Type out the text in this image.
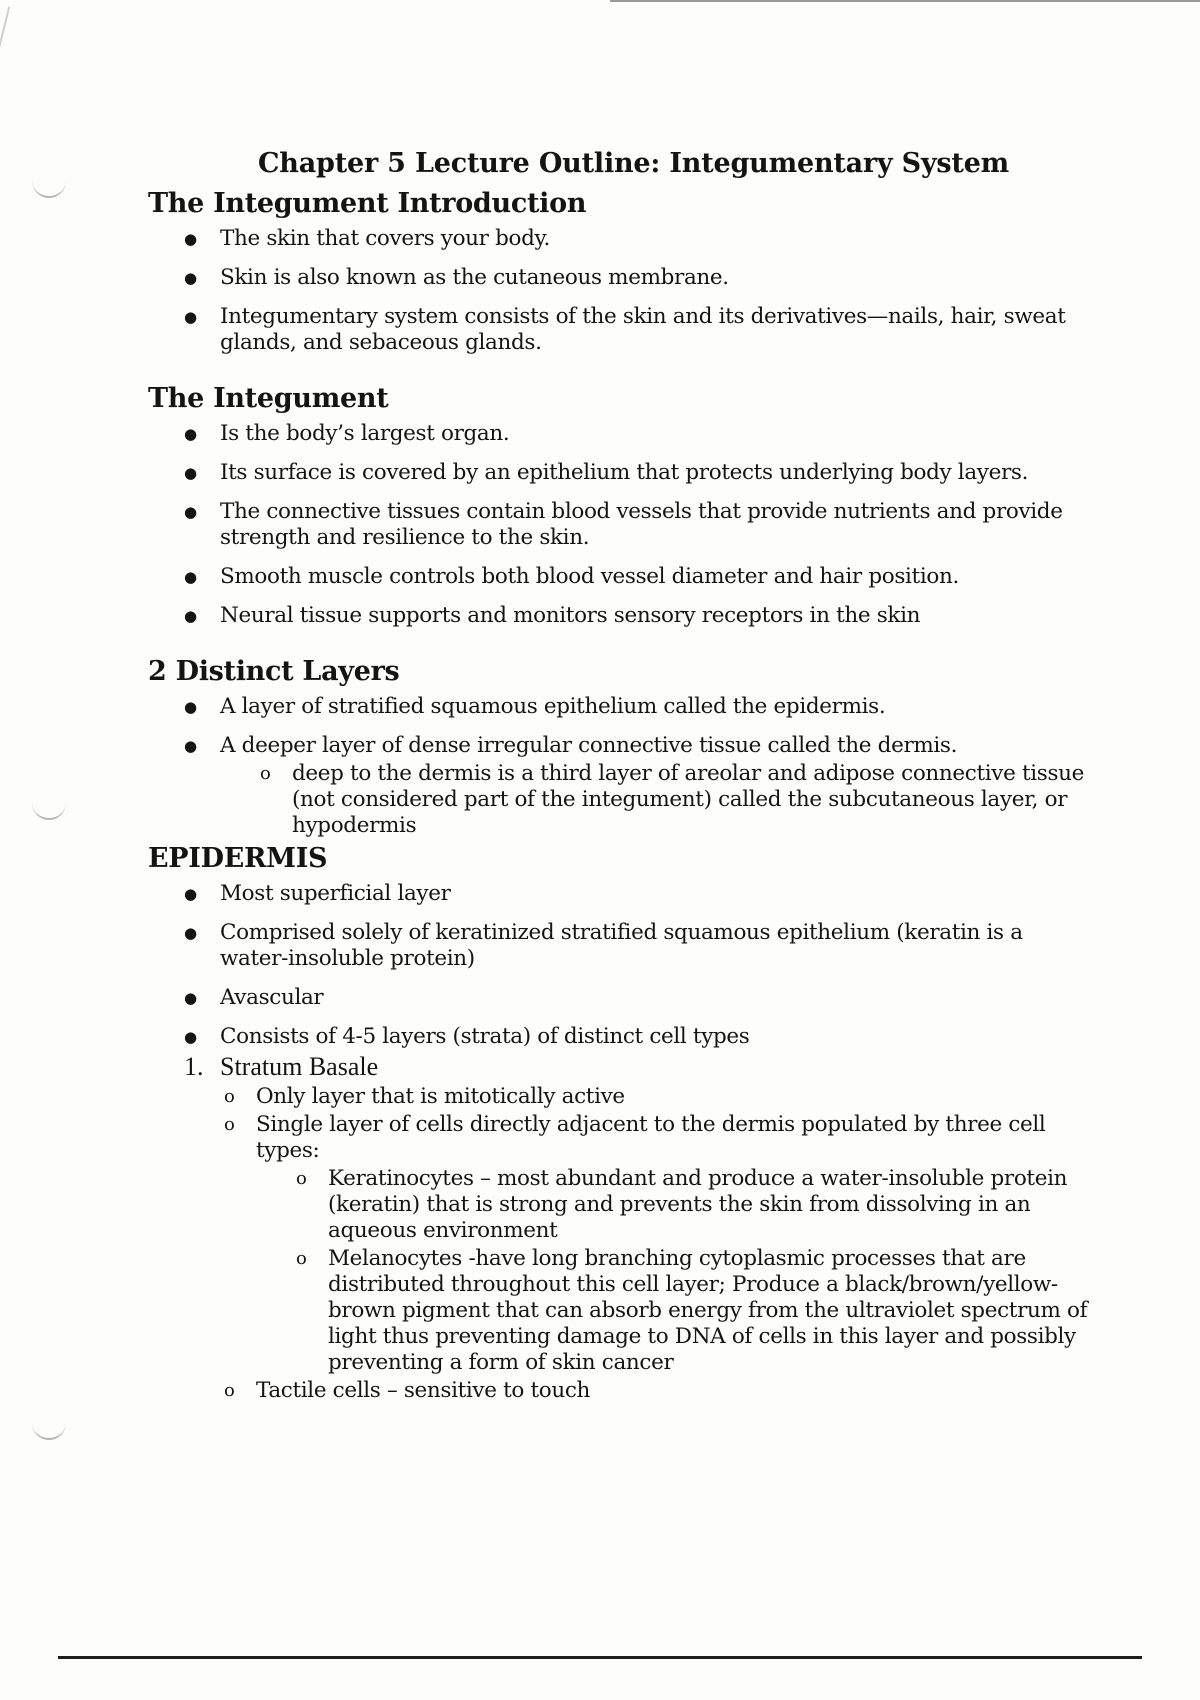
Chapter 5 Lecture Outline: Integumentary System
The Integument Introduction
● The skin that covers your body.
● Skin is also known as the cutaneous membrane.
● Integumentary system consists of the skin and its derivatives—nails, hair, sweat glands, and sebaceous glands.
The Integument
● Is the body’s largest organ.
● Its surface is covered by an epithelium that protects underlying body layers.
● The connective tissues contain blood vessels that provide nutrients and provide strength and resilience to the skin.
● Smooth muscle controls both blood vessel diameter and hair position.
● Neural tissue supports and monitors sensory receptors in the skin
2 Distinct Layers
● A layer of stratified squamous epithelium called the epidermis.
● A deeper layer of dense irregular connective tissue called the dermis.
o deep to the dermis is a third layer of areolar and adipose connective tissue (not considered part of the integument) called the subcutaneous layer, or hypodermis
EPIDERMIS
● Most superficial layer
● Comprised solely of keratinized stratified squamous epithelium (keratin is a water-insoluble protein)
● Avascular
● Consists of 4-5 layers (strata) of distinct cell types
1. Stratum Basale
o Only layer that is mitotically active
o Single layer of cells directly adjacent to the dermis populated by three cell types:
o Keratinocytes – most abundant and produce a water-insoluble protein (keratin) that is strong and prevents the skin from dissolving in an aqueous environment
o Melanocytes -have long branching cytoplasmic processes that are distributed throughout this cell layer; Produce a black/brown/yellow-brown pigment that can absorb energy from the ultraviolet spectrum of light thus preventing damage to DNA of cells in this layer and possibly preventing a form of skin cancer
o Tactile cells – sensitive to touch
